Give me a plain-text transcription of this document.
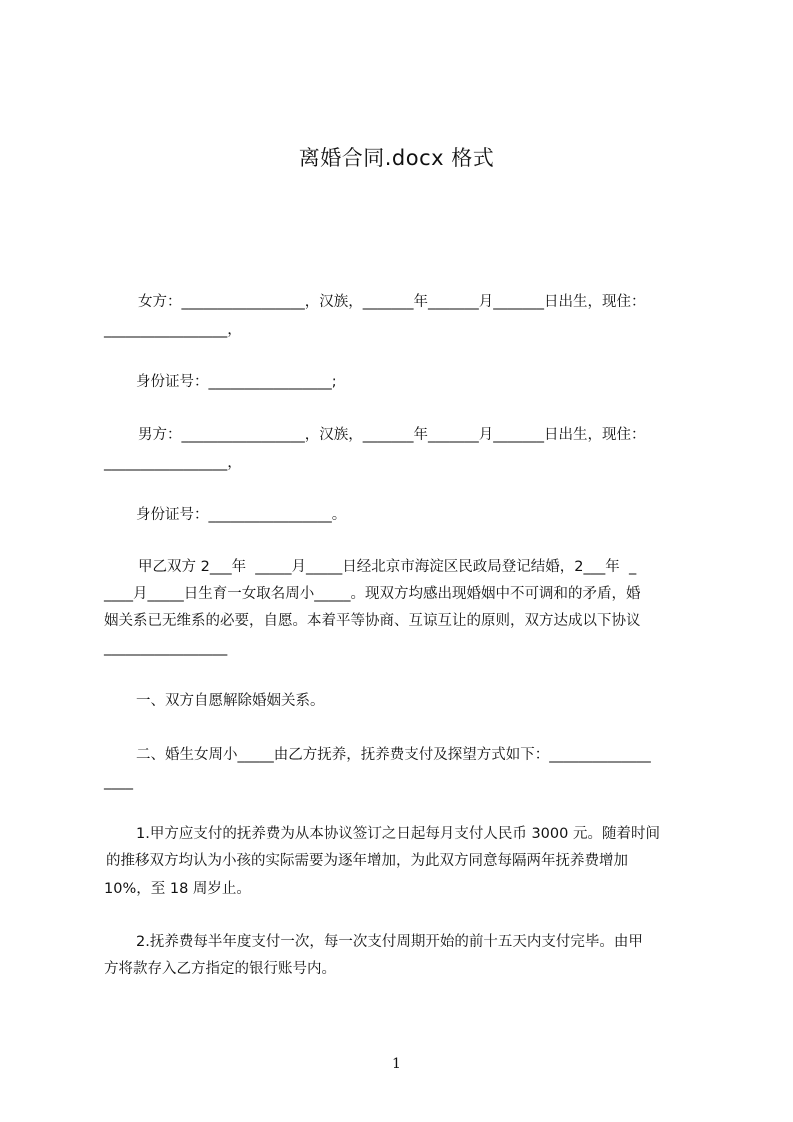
离婚合同.docx 格式
女方：_________________，汉族，_______年_______月_______日出生，现住：
_________________，
身份证号：_________________;
男方：_________________，汉族，_______年_______月_______日出生，现住：
_________________，
身份证号：_________________。
甲乙双方 2___年  _____月_____日经北京市海淀区民政局登记结婚，2___年  _
____月_____日生育一女取名周小_____。现双方均感出现婚姻中不可调和的矛盾，婚
姻关系已无维系的必要，自愿。本着平等协商、互谅互让的原则，双方达成以下协议
_________________
一、双方自愿解除婚姻关系。
二、婚生女周小_____由乙方抚养，抚养费支付及探望方式如下：______________
____
1.甲方应支付的抚养费为从本协议签订之日起每月支付人民币 3000 元。随着时间
的推移双方均认为小孩的实际需要为逐年增加，为此双方同意每隔两年抚养费增加
10%，至 18 周岁止。
2.抚养费每半年度支付一次，每一次支付周期开始的前十五天内支付完毕。由甲
方将款存入乙方指定的银行账号内。
1
